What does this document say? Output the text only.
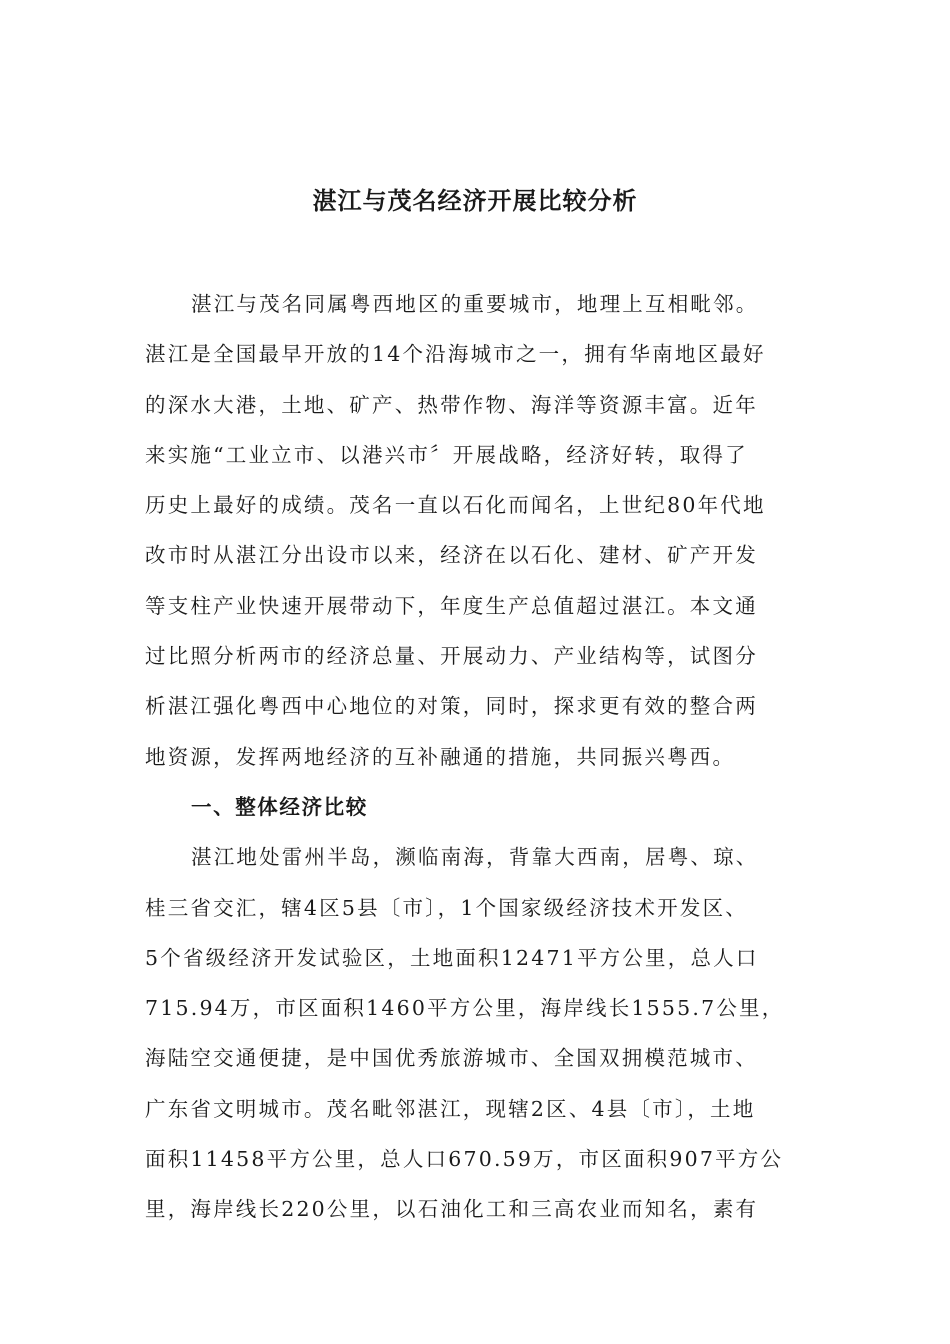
湛江与茂名经济开展比较分析
湛江与茂名同属粤西地区的重要城市，地理上互相毗邻。
湛江是全国最早开放的14个沿海城市之一，拥有华南地区最好
的深水大港，土地、矿产、热带作物、海洋等资源丰富。近年
来实施“工业立市、以港兴市〞开展战略，经济好转，取得了
历史上最好的成绩。茂名一直以石化而闻名，上世纪80年代地
改市时从湛江分出设市以来，经济在以石化、建材、矿产开发
等支柱产业快速开展带动下，年度生产总值超过湛江。本文通
过比照分析两市的经济总量、开展动力、产业结构等，试图分
析湛江强化粤西中心地位的对策，同时，探求更有效的整合两
地资源，发挥两地经济的互补融通的措施，共同振兴粤西。
一、整体经济比较
湛江地处雷州半岛，濒临南海，背靠大西南，居粤、琼、
桂三省交汇，辖4区5县〔市〕，1个国家级经济技术开发区、
5个省级经济开发试验区，土地面积12471平方公里，总人口
715.94万，市区面积1460平方公里，海岸线长1555.7公里，
海陆空交通便捷，是中国优秀旅游城市、全国双拥模范城市、
广东省文明城市。茂名毗邻湛江，现辖2区、4县〔市〕，土地
面积11458平方公里，总人口670.59万，市区面积907平方公
里，海岸线长220公里，以石油化工和三高农业而知名，素有
